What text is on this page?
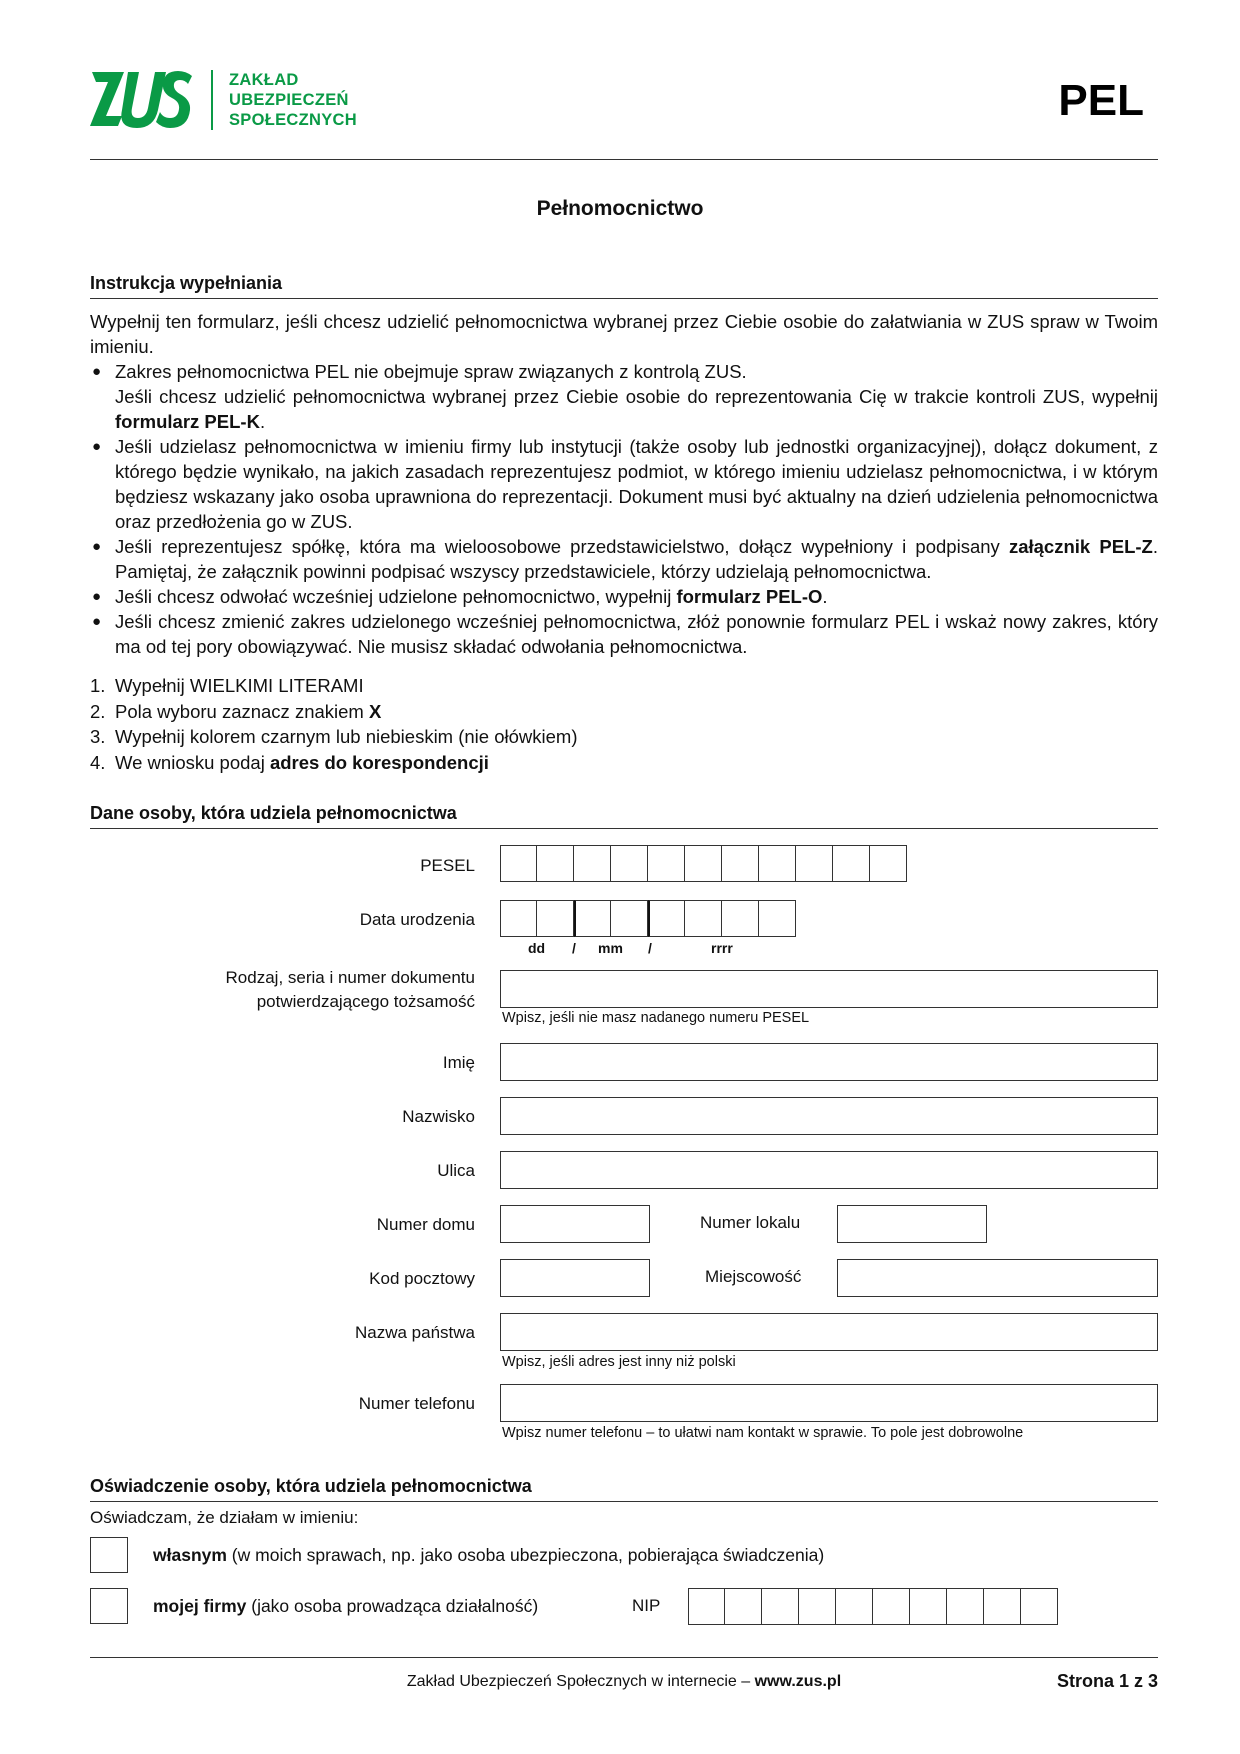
ZAKŁAD
UBEZPIECZEŃ
SPOŁECZNYCH	PEL
Pełnomocnictwo
Instrukcja wypełniania
Wypełnij ten formularz, jeśli chcesz udzielić pełnomocnictwa wybranej przez Ciebie osobie do załatwiania w ZUS spraw w Twoim imieniu.
● Zakres pełnomocnictwa PEL nie obejmuje spraw związanych z kontrolą ZUS.
Jeśli chcesz udzielić pełnomocnictwa wybranej przez Ciebie osobie do reprezentowania Cię w trakcie kontroli ZUS, wypełnij formularz PEL-K.
● Jeśli udzielasz pełnomocnictwa w imieniu firmy lub instytucji (także osoby lub jednostki organizacyjnej), dołącz dokument, z którego będzie wynikało, na jakich zasadach reprezentujesz podmiot, w którego imieniu udzielasz pełnomocnictwa, i w którym będziesz wskazany jako osoba uprawniona do reprezentacji. Dokument musi być aktualny na dzień udzielenia pełnomocnictwa oraz przedłożenia go w ZUS.
● Jeśli reprezentujesz spółkę, która ma wieloosobowe przedstawicielstwo, dołącz wypełniony i podpisany załącznik PEL-Z. Pamiętaj, że załącznik powinni podpisać wszyscy przedstawiciele, którzy udzielają pełnomocnictwa.
● Jeśli chcesz odwołać wcześniej udzielone pełnomocnictwo, wypełnij formularz PEL-O.
● Jeśli chcesz zmienić zakres udzielonego wcześniej pełnomocnictwa, złóż ponownie formularz PEL i wskaż nowy zakres, który ma od tej pory obowiązywać. Nie musisz składać odwołania pełnomocnictwa.
1. Wypełnij WIELKIMI LITERAMI
2. Pola wyboru zaznacz znakiem X
3. Wypełnij kolorem czarnym lub niebieskim (nie ołówkiem)
4. We wniosku podaj adres do korespondencji
Dane osoby, która udziela pełnomocnictwa
PESEL
Data urodzenia
dd / mm /	rrrr
Rodzaj, seria i numer dokumentu
potwierdzającego tożsamość
Wpisz, jeśli nie masz nadanego numeru PESEL
Imię
Nazwisko
Ulica
Numer domu	Numer lokalu
Kod pocztowy	Miejscowość
Nazwa państwa
Wpisz, jeśli adres jest inny niż polski
Numer telefonu
Wpisz numer telefonu – to ułatwi nam kontakt w sprawie. To pole jest dobrowolne
Oświadczenie osoby, która udziela pełnomocnictwa
Oświadczam, że działam w imieniu:
własnym (w moich sprawach, np. jako osoba ubezpieczona, pobierająca świadczenia)
mojej firmy (jako osoba prowadząca działalność)	NIP
Zakład Ubezpieczeń Społecznych w internecie – www.zus.pl	Strona 1 z 3
